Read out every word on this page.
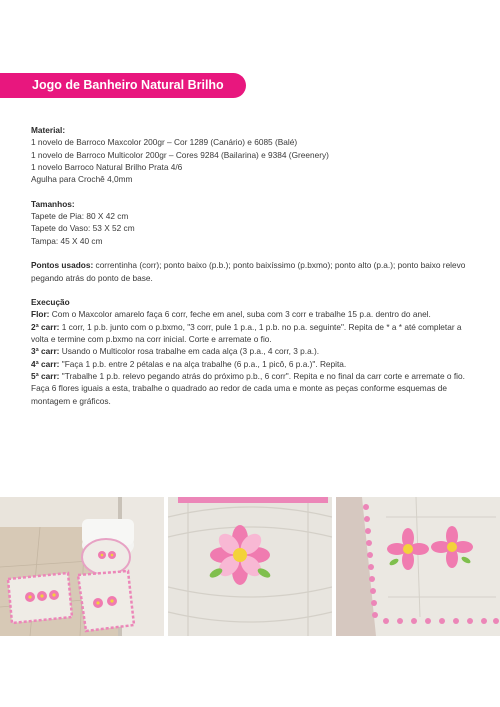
Jogo de Banheiro Natural Brilho

Material:

1 novelo de Barroco Maxcolor 200gr – Cor 1289 (Canário) e 6085 (Balé)

1 novelo de Barroco Multicolor 200gr – Cores 9284 (Bailarina) e 9384 (Greenery)

1 novelo Barroco Natural Brilho Prata 4/6

Agulha para Crochê 4,0mm

Tamanhos:

Tapete de Pia: 80 X 42 cm

Tapete do Vaso: 53 X 52 cm

Tampa: 45 X 40 cm

Pontos usados: correntinha (corr); ponto baixo (p.b.); ponto baixíssimo (p.bxmo); ponto alto (p.a.); ponto baixo relevo pegando atrás do ponto de base.

Execução

Flor: Com o Maxcolor amarelo faça 6 corr, feche em anel, suba com 3 corr e trabalhe 15 p.a. dentro do anel.

2ª carr: 1 corr, 1 p.b. junto com o p.bxmo, "3 corr, pule 1 p.a., 1 p.b. no p.a. seguinte". Repita de * a * até completar a volta e termine com p.bxmo na corr inicial. Corte e arremate o fio.

3ª carr: Usando o Multicolor rosa trabalhe em cada alça (3 p.a., 4 corr, 3 p.a.).

4ª carr: "Faça 1 p.b. entre 2 pétalas e na alça trabalhe (6 p.a., 1 picô, 6 p.a.)". Repita.

5ª carr: "Trabalhe 1 p.b. relevo pegando atrás do próximo p.b., 6 corr". Repita e no final da carr corte e arremate o fio.

Faça 6 flores iguais a esta, trabalhe o quadrado ao redor de cada uma e monte as peças conforme esquemas de montagem e gráficos.
